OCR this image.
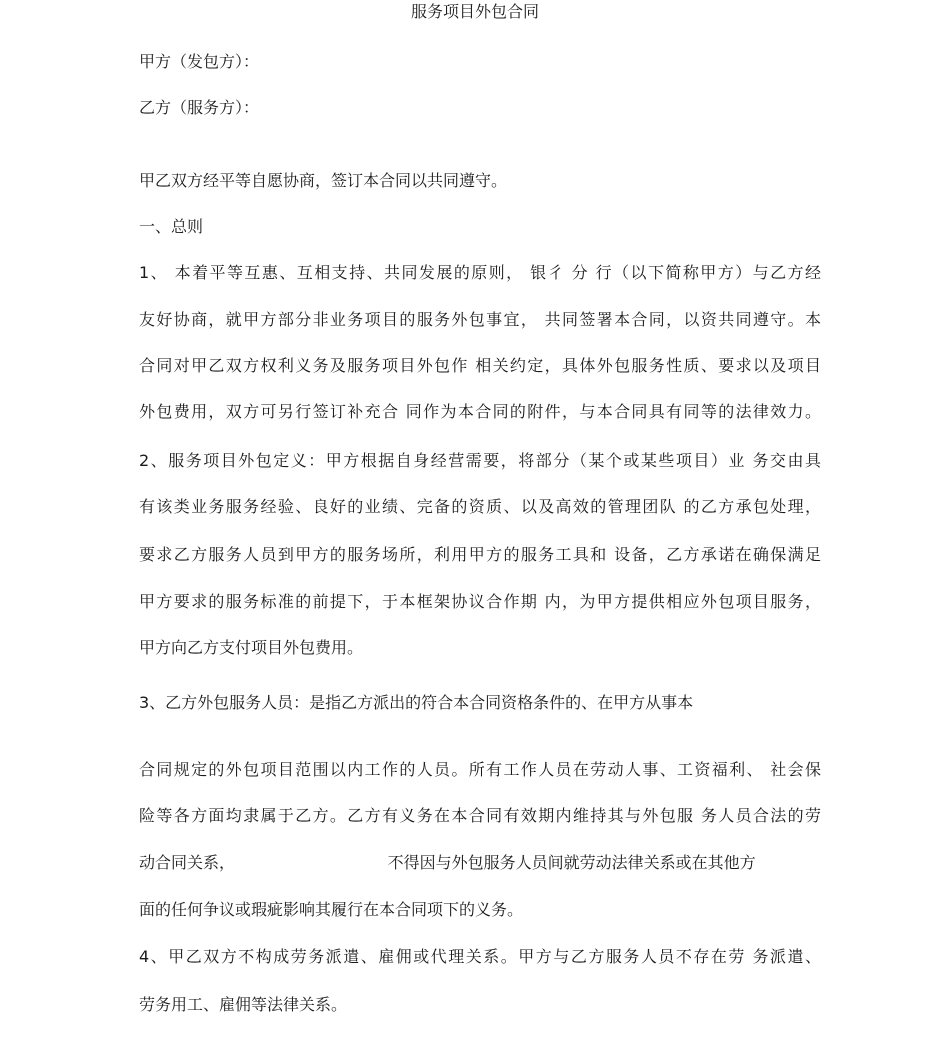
服务项目外包合同
甲方（发包方）：
乙方（服务方）：
甲乙双方经平等自愿协商，签订本合同以共同遵守。
一、总则
1、 本着平等互惠、互相支持、共同发展的原则， 银彳 分 行（以下简称甲方）与乙方经
友好协商，就甲方部分非业务项目的服务外包事宜， 共同签署本合同，以资共同遵守。本
合同对甲乙双方权利义务及服务项目外包作 相关约定，具体外包服务性质、要求以及项目
外包费用，双方可另行签订补充合 同作为本合同的附件，与本合同具有同等的法律效力。
2、服务项目外包定义：甲方根据自身经营需要，将部分（某个或某些项目）业 务交由具
有该类业务服务经验、良好的业绩、完备的资质、以及高效的管理团队 的乙方承包处理，
要求乙方服务人员到甲方的服务场所，利用甲方的服务工具和 设备，乙方承诺在确保满足
甲方要求的服务标准的前提下，于本框架协议合作期 内，为甲方提供相应外包项目服务，
甲方向乙方支付项目外包费用。
3、乙方外包服务人员：是指乙方派出的符合本合同资格条件的、在甲方从事本
合同规定的外包项目范围以内工作的人员。所有工作人员在劳动人事、工资福利、 社会保
险等各方面均隶属于乙方。乙方有义务在本合同有效期内维持其与外包服 务人员合法的劳
动合同关系，                              不得因与外包服务人员间就劳动法律关系或在其他方
面的任何争议或瑕疵影响其履行在本合同项下的义务。
4、甲乙双方不构成劳务派遣、雇佣或代理关系。甲方与乙方服务人员不存在劳 务派遣、
劳务用工、雇佣等法律关系。
